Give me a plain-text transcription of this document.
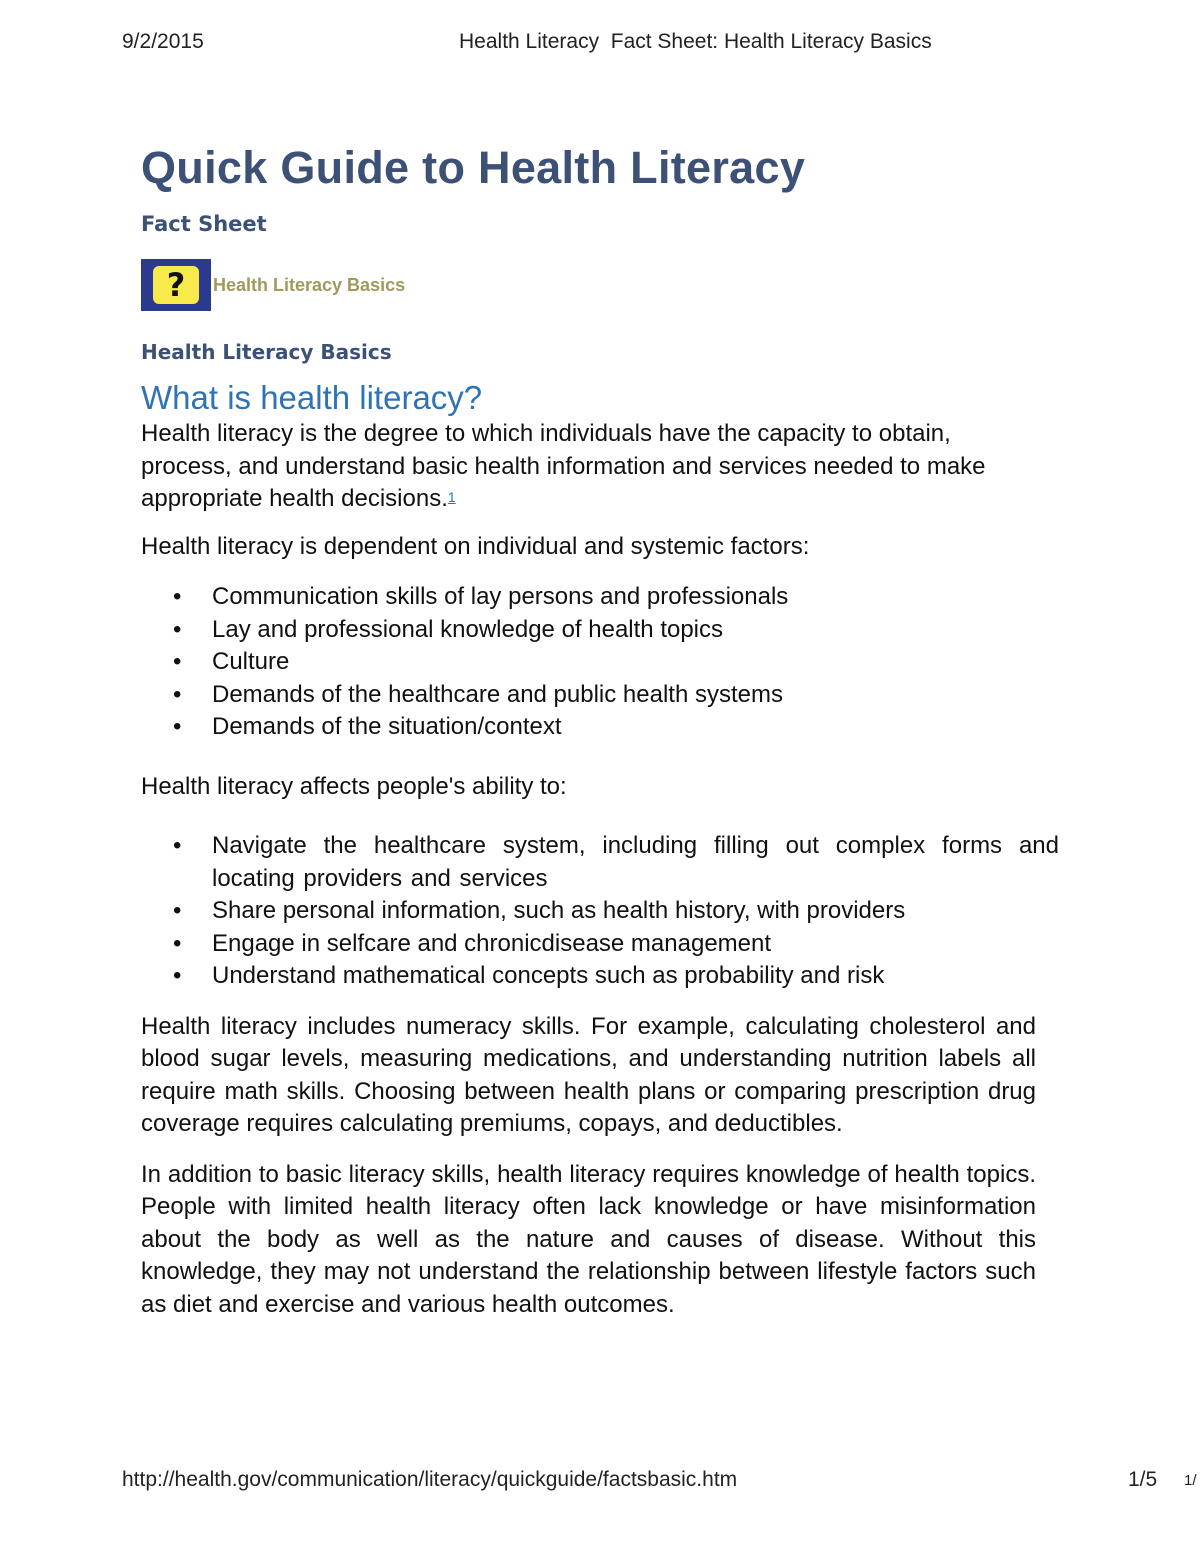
9/2/2015	Health Literacy  Fact Sheet: Health Literacy Basics
Quick Guide to Health Literacy
Fact Sheet
?	Health Literacy Basics
Health Literacy Basics
What is health literacy?

Health literacy is the degree to which individuals have the capacity to obtain, process, and understand basic health information and services needed to make appropriate health decisions.$^1$

Health literacy is dependent on individual and systemic factors:

• Communication skills of lay persons and professionals
• Lay and professional knowledge of health topics
• Culture
• Demands of the healthcare and public health systems
• Demands of the situation/context

Health literacy affects people's ability to:

• Navigate the healthcare system, including filling out complex forms and locating providers and services
• Share personal information, such as health history, with providers
• Engage in selfcare and chronicdisease management
• Understand mathematical concepts such as probability and risk

Health literacy includes numeracy skills. For example, calculating cholesterol and blood sugar levels, measuring medications, and understanding nutrition labels all require math skills. Choosing between health plans or comparing prescription drug coverage requires calculating premiums, copays, and deductibles.

In addition to basic literacy skills, health literacy requires knowledge of health topics. People with limited health literacy often lack knowledge or have misinformation about the body as well as the nature and causes of disease. Without this knowledge, they may not understand the relationship between lifestyle factors such as diet and exercise and various health outcomes.

http://health.gov/communication/literacy/quickguide/factsbasic.htm	1/5 1/
